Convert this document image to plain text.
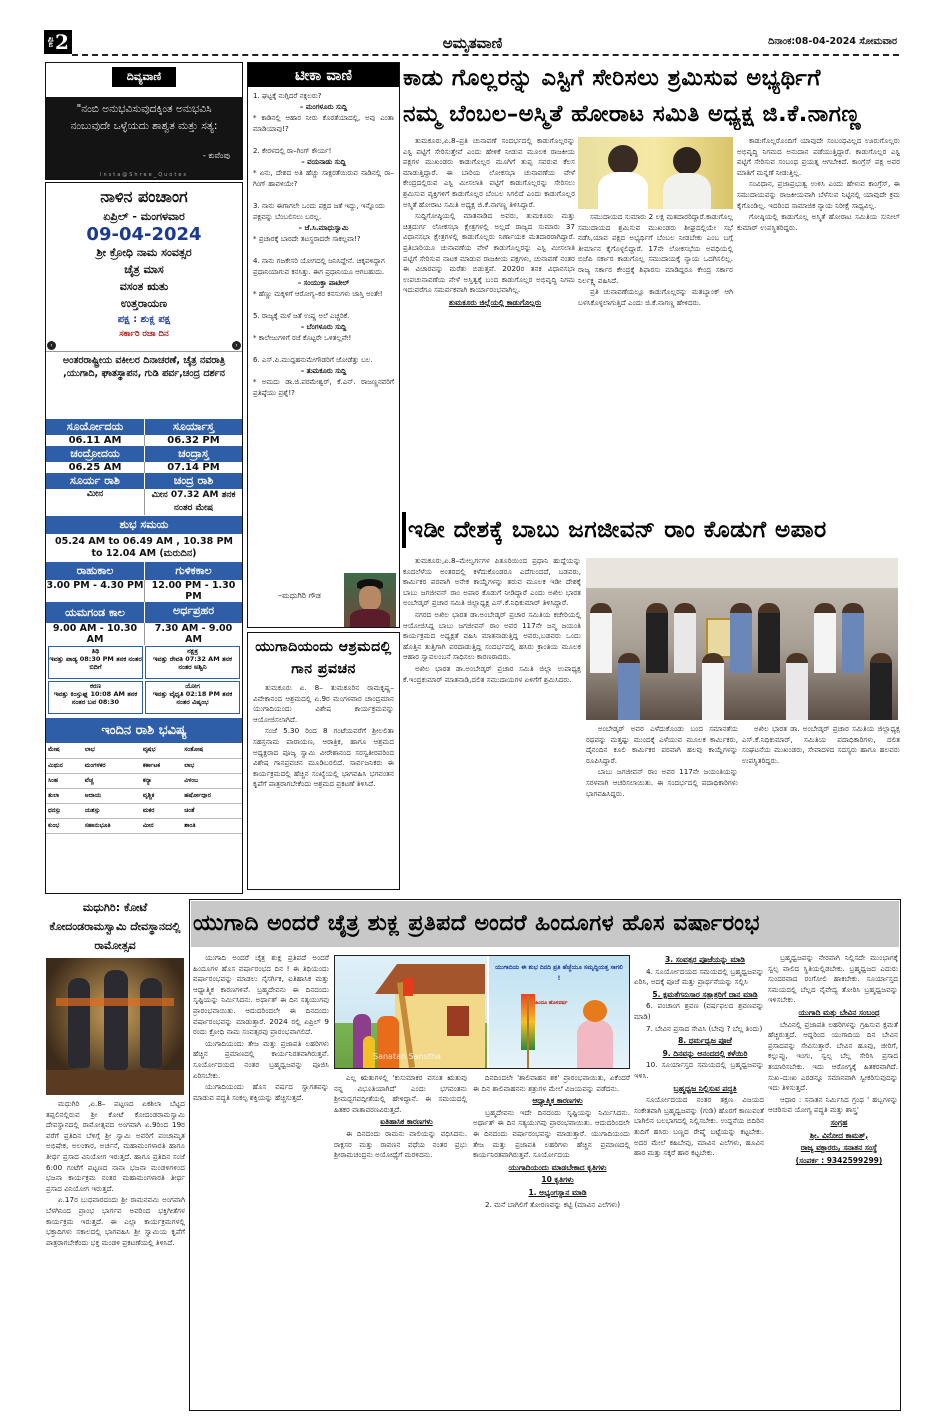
ಪುಟ 2	ಅಮೃತವಾಣಿ	ದಿನಾಂಕ:08-04-2024 ಸೋಮವಾರ
ದಿವ್ಯವಾಣಿ
"ನಂಬಿ ಅನುಭವಿಸುವುದಕ್ಕಿಂತ ಅನುಭವಿಸಿ ನಂಬುವುದೇ ಒಳ್ಳೆಯದು ಶಾಶ್ವತ ಮತ್ತು ಸತ್ಯ:
- ಕುವೆಂಪು
Insta@Shree_Quotes
ನಾಳಿನ ಪಂಚಾಂಗ
ಏಪ್ರಿಲ್ - ಮಂಗಳವಾರ
09-04-2024
ಶ್ರೀ ಕ್ರೋಧಿ ನಾಮ ಸಂವತ್ಸರ
ಚೈತ್ರ ಮಾಸ
ವಸಂತ ಋತು
ಉತ್ತರಾಯಣ
ಪಕ್ಷ : ಶುಕ್ಲ ಪಕ್ಷ
ಸರ್ಕಾರಿ ರಜಾ ದಿನ
‹	›
ಅಂತರರಾಷ್ಟ್ರೀಯ ವಕೀಲರ ದಿನಾಚರಣೆ, ಚೈತ್ರ ನವರಾತ್ರಿ ,ಯುಗಾದಿ, ಘಾತಸ್ಥಾಪನ, ಗುಡಿ ಪರ್ವ,ಚಂದ್ರ ದರ್ಶನ
ಸೂರ್ಯೋದಯ	ಸೂರ್ಯಾಸ್ತ
06.11 AM	06.32 PM
ಚಂದ್ರೋದಯ	ಚಂದ್ರಾಸ್ತ
06.25 AM	07.14 PM
ಸೂರ್ಯ ರಾಶಿ	ಚಂದ್ರ ರಾಶಿ
ಮೀನ	ಮೀನ 07.32 AM ತನಕ ನಂತರ ಮೇಷ
ಶುಭ ಸಮಯ
05.24 AM to 06.49 AM , 10.38 PM to 12.04 AM (ಮರುದಿನ)
ರಾಹುಕಾಲ	ಗುಳಿಕಕಾಲ
3.00 PM - 4.30 PM 12.00 PM - 1.30 PM
ಯಮಗಂಡ ಕಾಲ	ಅರ್ಧಪ್ರಹರ
9.00 AM - 10.30 AM
7.30 AM - 9.00 AM
ತಿಥಿ
ಇವತ್ತು ಪಾಡ್ಯ 08:30 PM ತನಕ ನಂತರ ಬಿದಿಗೆ
ನಕ್ಷತ್ರ
ಇವತ್ತು ರೇವತಿ 07:32 AM ತನಕ ನಂತರ ಅಶ್ವಿನಿ
ಕರಣ
ಇವತ್ತು ಕಿಂಸ್ತುಘ್ನ 10:08 AM ತನಕ ನಂತರ ಬವ 08:30
ಯೋಗ
ಇವತ್ತು ವೈಧೃತಿ 02:18 PM ತನಕ ನಂತರ ವಿಷ್ಕಂಭ
ಇಂದಿನ ರಾಶಿ ಭವಿಷ್ಯ
ಮೇಷ	ಲಾಭ	ವೃಷಭ	ಸಂತೋಷ
ಮಿಥುನ	ಮಂಗಳಕರ	ಕರ್ಕಾಟಕ	ಲಾಭ
ಸಿಂಹ	ವೆಚ್ಚ	ಕನ್ಯಾ	ವಿಳಂಬ
ತುಲಾ	ಆದಾಯ	ವೃಶ್ಚಿಕ	ಹರ್ಷೋದ್ಗಾರ
ಧನಸ್ಸು	ಯಶಸ್ಸು	ಮಕರ	ಚಿಂತೆ
ಕುಂಭ	ಸಹಾನುಭೂತಿ	ಮೀನ	ಶಾಂತಿ
ಟೀಕಾ ವಾಣಿ
1. ಘಟ್ಟಕ್ಕೆ ನುಗ್ಗಿದರೆ ನಕ್ಸಲರು?
– ಮಂಗಳೂರು ಸುದ್ದಿ
* ಕಾಡಿನಲ್ಲಿ ಆಹಾರ ನೀರು ಕೊರತೆಯಾದಲ್ಲಿ, ಅವು ಎಂತಾ ಮಾಡಿಯಾವು!?
2. ಕೇರಳದಲ್ಲಿ ರಾ–ಗಿಂಗ್ ಕೌರ್ಯ!
– ವಯನಾಡು ಸುದ್ದಿ
* ಏನು, ದೇಶದ ಅತಿ ಹೆಚ್ಚು ಸಾಕ್ಷರತೆಯಿರುವ ನಾಡಿನಲ್ಲಿ ರಾ–ಗಿಂಗ್ ಹಾವಳಿಯೇ?
3. ನಾನು ಈಗಾಗಲೇ ಒಂದು ಪಕ್ಷದ ಜತೆ ಇದ್ದು, ಇನ್ನೊಂದು ಪಕ್ಷವನ್ನು ಬೆಂಬಲಿಸಲು ಬರಲ್ಲ.
– ಜೆ.ಸಿ.ಮಾಧುಸ್ವಾಮಿ
* ಪ್ರಚಾರಕ್ಕೆ ಬಾರದೇ ತಟಸ್ಥರಾದರೇ ಸಾಕಲ್ಲವಾ!?
4. ನಾನು ಗಜಕೇಸರಿ ಯೋಗದಲ್ಲಿ ಜನಿಸಿದ್ದೇನೆ. ಚಿಕ್ಕವಳಿದ್ದಾಗ ಪ್ರಧಾನಿಯಾಗುವ ಕನಸಿತ್ತು. ಈಗ ಪ್ರಧಾನಿಯೂ ಆಗಬಹುದು.
– ಸಂಯುಕ್ತಾ ಪಾಟೀಲ್
* ಹೆಣ್ಣು ಮಕ್ಕಳಿಗೆ ಆರೋಗ್ಯ–ಕರ ಕನಸುಗಳು ಜಾಸ್ತಿ ಅಂತೇ!
5. ರಾಜ್ಯಕ್ಕೆ ಮಳೆ ಜತೆ ಉಷ್ಣ ಅಲೆ ಎಚ್ಚರಿಕೆ.
– ಬೆಂಗಳೂರು ಸುದ್ದಿ
* ಕಾಲೇಜುಗಳಿಗೆ ರಜೆ ಕೊಟ್ಟರೇ ಒಳಿತಲ್ಲವೇ!
6. ಎಸ್.ಪಿ.ಮುದ್ದಹನುಮೇಗೌಡರಿಗೆ ಜೋಡೆತ್ತು ಬಲ.
– ತುಮಕೂರು ಸುದ್ದಿ
* ಅಮದು ಡಾ.ಜಿ.ಪರಮೇಶ್ವರ್, ಕೆ.ಎನ್. ರಾಜಣ್ಣನವರಿಗೆ ಪ್ರತಿಷ್ಠೆಯು ಪ್ರಶ್ನೆ!?
–ಮಧುಗಿರಿ ಗೌಡ
ಯುಗಾದಿಯಂದು ಆಶ್ರಮದಲ್ಲಿ ಗಾನ ಪ್ರವಚನ

ತುಮಕೂರು ಏ. 8– ತುಮಕೂರಿನ ರಾಮಕೃಷ್ಣ– ವಿವೇಕಾನಂದ ಆಶ್ರಮದಲ್ಲಿ ಏ.9ರ ಮಂಗಳವಾರ ಚಾಂದ್ರಮಾನ ಯುಗಾದಿಯಂದು ವಿಶೇಷ ಕಾರ್ಯಕ್ರಮವನ್ನು ಆಯೋಜಿಸಲಾಗಿದೆ.

ಸಂಜೆ 5.30 ರಿಂದ 8 ಗಂಟೆಯವರೆಗೆ ಶ್ರೀಲಲಿತಾ ಸಹಸ್ರನಾಮ ಪಾರಾಯಣ, ಆರಾತ್ರಿಕ, ಹಾಗೂ ಆಶ್ರಮದ ಅಧ್ಯಕ್ಷರಾದ ಪೂಜ್ಯ ಸ್ವಾಮಿ ವೀರೇಶಾನಂದ ಸರಸ್ವತೀರವರಿಂದ ವಿಶೇಷ ಗಾನಪ್ರವಚನ ಮೂಡಿಬರಲಿದೆ. ಸಾರ್ವಜನಿಕರು ಈ ಕಾರ್ಯಕ್ರಮದಲ್ಲಿ ಹೆಚ್ಚಿನ ಸಂಖ್ಯೆಯಲ್ಲಿ ಭಾಗವಹಿಸಿ ಭಗವಂತನ ಕೃಪೆಗೆ ಪಾತ್ರರಾಗಬೇಕೆಂದು ಆಶ್ರಮದ ಪ್ರಕಟಣೆ ತಿಳಿಸಿದೆ.

ಕಾಡು ಗೊಲ್ಲರನ್ನು ಎಸ್ಟಿಗೆ ಸೇರಿಸಲು ಶ್ರಮಿಸುವ ಅಭ್ಯರ್ಥಿಗೆ
ನಮ್ಮ ಬೆಂಬಲ–ಅಸ್ಮಿತೆ ಹೋರಾಟ ಸಮಿತಿ ಅಧ್ಯಕ್ಷ ಜಿ.ಕೆ.ನಾಗಣ್ಣ

ತುಮಕೂರು,ಏ.8–ಪ್ರತಿ ಚುನಾವಣೆ ಸಂದರ್ಭದಲ್ಲಿ ಕಾಡುಗೊಲ್ಲರನ್ನು ಎಸ್ಟಿ ಪಟ್ಟಿಗೆ ಸೇರಿಸುತ್ತೇವೆ ಎಂದು ಹೇಳಿಕೆ ನೀಡುವ ಮೂಲಕ ರಾಜಕೀಯ ಪಕ್ಷಗಳ ಮುಖಂಡರು ಕಾಡುಗೊಲ್ಲರ ಮೂಗಿಗೆ ತುಪ್ಪ ಸವರುವ ಕೆಲಸ ಮಾಡುತ್ತಿದ್ದಾರೆ. ಈ ಬಾರಿಯ ಲೋಕಸಭಾ ಚುನಾವಣೆಯ ವೇಳೆ ಕೇಂದ್ರದಲ್ಲಿರುವ ಎಸ್ಟಿ ಮೀಸಲಾತಿ ಪಟ್ಟಿಗೆ ಕಾಡುಗೊಲ್ಲರನ್ನು ಸೇರಿಸಲು ಶ್ರಮಿಸುವ ವ್ಯಕ್ತಿಗಳಿಗೆ ಕಾಡುಗೊಲ್ಲರ ಬೆಂಬಲ ಸಿಗಲಿದೆ ಎಂದು ಕಾಡುಗೊಲ್ಲರ ಅಸ್ಮಿತೆ ಹೋರಾಟ ಸಮಿತಿ ಅಧ್ಯಕ್ಷ ಜಿ.ಕೆ.ನಾಗಣ್ಣ ತಿಳಿಸಿದ್ದಾರೆ.

ಸುದ್ದಿಗೋಷ್ಠಿಯಲ್ಲಿ ಮಾತನಾಡಿದ ಅವರು, ತುಮಕೂರು ಮತ್ತು ಚಿತ್ರದುರ್ಗ ಲೋಕಸಭಾ ಕ್ಷೇತ್ರಗಳಲ್ಲಿ ಅಲ್ಲದೆ ರಾಜ್ಯದ ಸುಮಾರು 37 ವಿಧಾನಸಭಾ ಕ್ಷೇತ್ರಗಳಲ್ಲಿ ಕಾಡುಗೊಲ್ಲರು ನಿರ್ಣಾಯಕ ಮತದಾರರಾಗಿದ್ದಾರೆ. ಪ್ರತಿಬಾರಿಯೂ ಚುನಾವಣೆಯ ವೇಳೆ ಕಾಡುಗೊಲ್ಲರನ್ನು ಎಸ್ಟಿ ಮೀಸಲಾತಿ ಪಟ್ಟಿಗೆ ಸೇರಿಸುವ ನಾಟಕ ಮಾಡುವ ರಾಜಕೀಯ ಪಕ್ಷಗಳು, ಚುನಾವಣೆ ನಂತರ ಈ ವಿಚಾರವನ್ನು ಮರೆತು ಬಿಡುತ್ತವೆ. 2020ರ ತನಕ ವಿಧಾನಸಭಾ ಉಪಚುನಾವಣೆಯ ವೇಳೆ ಅಸ್ತಿತ್ವಕ್ಕೆ ಬಂದ ಕಾಡುಗೊಲ್ಲರ ಅಭಿವೃದ್ಧಿ ನಿಗಮ ಇದುವರೆಗೂ ಸಮರ್ಪಕವಾಗಿ ಕಾರ್ಯಾರಂಭವಾಗಿಲ್ಲ.

ತುಮಕೂರು ಜಿಲ್ಲೆಯಲ್ಲಿ ಕಾಡುಗೊಲ್ಲರು

ಸಮುದಾಯದ ಸುಮಾರು 2 ಲಕ್ಷ ಮತದಾರರಿದ್ದಾರೆ.ಕಾಡುಗೊಲ್ಲ ಸಮುದಾಯದ ಶ್ರಮಿಸುವ ಮುಖಂಡರು ಶೀಘ್ರದಲ್ಲಿಯೇ ಸಭೆ ನಡೆಸಿ,ಯಾವ ಪಕ್ಷದ ಅಭ್ಯರ್ಥಿಗೆ ಬೆಂಬಲ ನೀಡಬೇಕು ಎಂಬ ಬಗ್ಗೆ ತೀರ್ಮಾನ ಕೈಗೊಳ್ಳಲಿದ್ದಾರೆ. 17ನೇ ಲೋಕಸಭೆಯ ಅವಧಿಯಲ್ಲಿ ಬಿಜೆಪಿ ಸರ್ಕಾರ ಕಾಡುಗೊಲ್ಲ ಸಮುದಾಯಕ್ಕೆ ನ್ಯಾಯ ಒದಗಿಸಲಿಲ್ಲ. ರಾಜ್ಯ ಸರ್ಕಾರ ಕೇಂದ್ರಕ್ಕೆ ಶಿಫಾರಸು ಮಾಡಿದ್ದರೂ ಕೇಂದ್ರ ಸರ್ಕಾರ ನಿರ್ಲಕ್ಷ್ಯ ವಹಿಸಿದೆ.

ಪ್ರತಿ ಚುನಾವಣೆಯಲ್ಲೂ ಕಾಡುಗೊಲ್ಲರನ್ನು ಮತಬ್ಯಾಂಕ್ ಆಗಿ ಬಳಸಿಕೊಳ್ಳಲಾಗುತ್ತಿದೆ ಎಂದು ಜಿ.ಕೆ.ನಾಗಣ್ಣ ಹೇಳಿದರು.

ಕಾಡುಗೊಲ್ಲರೊಂದಿಗೆ ಯಾವುದೇ ಸಂಬಂಧವಿಲ್ಲದ ಊರುಗೊಲ್ಲರು ಅಭಿವೃದ್ಧಿ ನಿಗಮದ ಅನುದಾನ ಪಡೆಯುತ್ತಿದ್ದಾರೆ. ಕಾಡುಗೊಲ್ಲರ ಎಸ್ಟಿ ಪಟ್ಟಿಗೆ ಸೇರಿಸುವ ಸಂಬಂಧ ಪ್ರಯತ್ನ ಆಗಬೇಕಿದೆ. ಕಾಂಗ್ರೆಸ್ ಪಕ್ಷ ಅವರ ಮಾತಿಗೆ ಮನ್ನಣೆ ನೀಡುತ್ತಿಲ್ಲ.

ಸಂವಿಧಾನ, ಪ್ರಜಾಪ್ರಭುತ್ವ ಉಳಿಸಿ ಎಂದು ಹೇಳುವ ಕಾಂಗ್ರೆಸ್, ಈ ಸಮುದಾಯವನ್ನು ರಾಜಕೀಯವಾಗಿ ಬೆಳೆಸುವ ನಿಟ್ಟಿನಲ್ಲಿ ಯಾವುದೇ ಕ್ರಮ ಕೈಗೊಂಡಿಲ್ಲ. ಇದರಿಂದ ಸಾಮಾಜಿಕ ನ್ಯಾಯ ನಿರೀಕ್ಷೆ ಸಾಧ್ಯವಿಲ್ಲ.

ಗೋಷ್ಠಿಯಲ್ಲಿ ಕಾಡುಗೊಲ್ಲ ಅಸ್ಮಿತೆ ಹೋರಾಟ ಸಮಿತಿಯ ಸುನೀಲ್ ಕುಮಾರ್ ಉಪಸ್ಥಿತರಿದ್ದರು.

ಇಡೀ ದೇಶಕ್ಕೆ ಬಾಬು ಜಗಜೀವನ್ ರಾಂ ಕೊಡುಗೆ ಅಪಾರ

ತುಮಕೂರು,ಏ.8–ಮೇಲ್ವರ್ಗಗಳ ಪಿತೂರಿಯಿಂದ ಪ್ರಧಾನಿ ಹುದ್ದೆಯನ್ನು ಕೂದಲೆಳೆಯ ಅಂತರದಲ್ಲಿ ಕಳೆದುಕೊಂಡರೂ ಎದೆಗುಂದದೆ, ಬಡವರು, ಕಾರ್ಮಿಕರ ಪರವಾಗಿ ಅನೇಕ ಕಾಯ್ದೆಗಳನ್ನು ತರುವ ಮೂಲಕ ಇಡೀ ದೇಶಕ್ಕೆ ಬಾಬು ಜಗಜೀವನ್ ರಾಂ ಅಪಾರ ಕೊಡುಗೆ ನೀಡಿದ್ದಾರೆ ಎಂದು ಅಖಿಲ ಭಾರತ ಅಂಬೇಡ್ಕರ್ ಪ್ರಚಾರ ಸಮಿತಿ ಜಿಲ್ಲಾಧ್ಯಕ್ಷ ಎಸ್.ಕೆ.ನಿಧಿಕುಮಾರ್ ತಿಳಿಸಿದ್ದಾರೆ.

ನಗರದ ಅಖಿಲ ಭಾರತ ಡಾ.ಅಂಬೇಡ್ಕರ್ ಪ್ರಚಾರ ಸಮಿತಿಯ ಕಚೇರಿಯಲ್ಲಿ ಆಯೋಜಿಸಿದ್ದ ಬಾಬು ಜಗಜೀವನ್ ರಾಂ ಅವರ 117ನೇ ಜನ್ಮ ಜಯಂತಿ ಕಾರ್ಯಕ್ರಮದ ಅಧ್ಯಕ್ಷತೆ ವಹಿಸಿ ಮಾತನಾಡುತ್ತಿದ್ದ ಅವರು,ಬಡವರು ಒಂದು ಹೊತ್ತಿನ ತುತ್ತಿಗಾಗಿ ಪರದಾಡುತ್ತಿದ್ದ ಸಂದರ್ಭದಲ್ಲಿ ಹಸಿರು ಕ್ರಾಂತಿಯ ಮೂಲಕ ಆಹಾರ ಸ್ವಾವಲಂಬನೆ ಸಾಧಿಸಲು ಕಾರಣರಾದರು.

ಅಖಿಲ ಭಾರತ ಡಾ.ಅಂಬೇಡ್ಕರ್ ಪ್ರಚಾರ ಸಮಿತಿ ಜಿಲ್ಲಾ ಉಪಾಧ್ಯಕ್ಷ ಕೆ.ಇಂದ್ರಕುಮಾರ್ ಮಾತನಾಡಿ,ದಲಿತ ಸಮುದಾಯಗಳ ಏಳಿಗೆಗೆ ಶ್ರಮಿಸಿದರು.

ಅಂಬೇಡ್ಕರ್ ಅವರ ಎಳೆದುಕೊಂಡು ಬಂದ ಸಮಾನತೆಯ ರಥವನ್ನು ಮತ್ತಷ್ಟು ಮುಂದಕ್ಕೆ ಎಳೆಯುವ ಮೂಲಕ ಕಾರ್ಮಿಕರು, ದೈನಂದಿನ ಕೂಲಿ ಕಾರ್ಮಿಕರ ಪರವಾಗಿ ಹಲವು ಕಾಯ್ದೆಗಳನ್ನು ರೂಪಿಸಿದ್ದಾರೆ.

ಬಾಬು ಜಗಜೀವನ್ ರಾಂ ಅವರ 117ನೇ ಜಯಂತಿಯನ್ನು ಸರಳವಾಗಿ ಆಚರಿಸಲಾಯಿತು. ಈ ಸಂದರ್ಭದಲ್ಲಿ ಪದಾಧಿಕಾರಿಗಳು ಭಾಗವಹಿಸಿದ್ದರು.

ಅಖಿಲ ಭಾರತ ಡಾ. ಅಂಬೇಡ್ಕರ್ ಪ್ರಚಾರ ಸಮಿತಿಯ ಜಿಲ್ಲಾಧ್ಯಕ್ಷ ಎಸ್.ಕೆ.ನಿಧಿಕುಮಾರ್, ಸಮಿತಿಯ ಪದಾಧಿಕಾರಿಗಳು, ದಲಿತ ಸಂಘಟನೆಯ ಮುಖಂಡರು, ಸೇವಾದಳದ ಸದಸ್ಯರು ಹಾಗೂ ಹಲವರು ಉಪಸ್ಥಿತರಿದ್ದರು.

ಮಧುಗಿರಿ: ಕೋಟೆ ಕೋದಂಡರಾಮಸ್ವಾಮಿ ದೇವಸ್ಥಾನದಲ್ಲಿ ರಾಮೋತ್ಸವ

ಮಧುಗಿರಿ ,ಏ.8– ಪಟ್ಟಣದ ಏಕಶಿಲಾ ಬೆಟ್ಟದ ತಪ್ಪಲಿನಲ್ಲಿರುವ ಶ್ರೀ ಕೋಟೆ ಕೋದಂಡರಾಮಸ್ವಾಮಿ ದೇವಸ್ಥಾನದಲ್ಲಿ ರಾಮೋತ್ಸವದ ಅಂಗವಾಗಿ ಏ.9ರಿಂದ 19ರ ವರೆಗೆ ಪ್ರತಿದಿನ ಬೆಳಿಗ್ಗೆ ಶ್ರೀ ಸ್ವಾಮಿ ಅವರಿಗೆ ಪಂಚಾಮೃತ ಅಭಿಷೇಕ, ಅಲಂಕಾರ, ಅರ್ಚನೆ, ಮಹಾಮಂಗಳಾರತಿ ಹಾಗೂ ತೀರ್ಥ ಪ್ರಸಾದ ವಿನಿಯೋಗ ಇರುತ್ತದೆ. ಹಾಗೂ ಪ್ರತಿದಿನ ಸಂಜೆ 6:00 ಗಂಟೆಗೆ ಪಟ್ಟಣದ ನಾನಾ ಭಜನಾ ಮಂಡಳಿಗಳಿಂದ ಭಜನಾ ಕಾರ್ಯಕ್ರಮ ನಂತರ ಮಹಾಮಂಗಳಾರತಿ ತೀರ್ಥ ಪ್ರಸಾದ ವಿನಿಯೋಗ ಇರುತ್ತದೆ.

ಏ.17ರ ಬುಧವಾರದಂದು ಶ್ರೀ ರಾಮನವಮಿ ಅಂಗವಾಗಿ ಬೆಳಗಿನಿಂದ ಪ್ರಾಂಭ ಭಾರ್ಗವ ಅವರಿಂದ ಭಕ್ತಿಗೀತೆಗಳ ಕಾರ್ಯಕ್ರಮ ಇರುತ್ತದೆ. ಈ ಎಲ್ಲಾ ಕಾರ್ಯಕ್ರಮಗಳಲ್ಲಿ ಭಕ್ತಾದಿಗಳು ಸಕಾಲದಲ್ಲಿ ಭಾಗವಹಿಸಿ ಶ್ರೀ ಸ್ವಾಮಿಯ ಕೃಪೆಗೆ ಪಾತ್ರರಾಗಬೇಕೆಂದು ಭಕ್ತ ಮಂಡಳಿ ಪ್ರಕಟಣೆಯಲ್ಲಿ ತಿಳಿಸಿದೆ.

ಯುಗಾದಿ ಅಂದರೆ ಚೈತ್ರ ಶುಕ್ಲ ಪ್ರತಿಪದೆ ಅಂದರೆ ಹಿಂದೂಗಳ ಹೊಸ ವರ್ಷಾರಂಭ

ಯುಗಾದಿ ಅಂದರೆ ಚೈತ್ರ ಶುಕ್ಲ ಪ್ರತಿಪದೆ ಅಂದರೆ ಹಿಂದೂಗಳ ಹೊಸ ವರ್ಷಾರಂಭದ ದಿನ ! ಈ ತಿಥಿಯಂದು ವರ್ಷಾರಂಭವನ್ನು ಮಾಡಲು ನೈಸರ್ಗಿಕ, ಐತಿಹಾಸಿಕ ಮತ್ತು ಆಧ್ಯಾತ್ಮಿಕ ಕಾರಣಗಳಿವೆ. ಬ್ರಹ್ಮದೇವನು ಈ ದಿನದಂದು ಸೃಷ್ಟಿಯನ್ನು ನಿರ್ಮಿಸಿದನು. ಅರ್ಥಾತ್ ಈ ದಿನ ಸತ್ಯಯುಗವು ಪ್ರಾರಂಭವಾಯಿತು. ಆದುದರಿಂದಲೇ ಈ ದಿನದಂದು ವರ್ಷಾರಂಭವನ್ನು ಮಾಡುತ್ತಾರೆ. 2024 ರಲ್ಲಿ ಏಪ್ರಿಲ್ 9 ರಂದು ಕ್ರೋಧಿ ನಾಮ ಸಂವತ್ಸರವು ಪ್ರಾರಂಭವಾಗಲಿದೆ.

ಯುಗಾದಿಯಂದು ತೇಜ ಮತ್ತು ಪ್ರಜಾಪತಿ ಲಹರಿಗಳು ಹೆಚ್ಚಿನ ಪ್ರಮಾಣದಲ್ಲಿ ಕಾರ್ಯನಿರತವಾಗಿರುತ್ತವೆ. ಸೂರ್ಯೋದಯದ ನಂತರ ಬ್ರಹ್ಮಧ್ವಜವನ್ನು ಪೂಜಿಸಿ ಏರಿಸಬೇಕು.

ಯುಗಾದಿಯಂದು ಹೊಸ ವರ್ಷದ ಸ್ವಾಗತವನ್ನು ಮಾಡುವ ಪದ್ಧತಿ ಸಂಕಲ್ಪ ಶಕ್ತಿಯನ್ನು ಹೆಚ್ಚಿಸುತ್ತದೆ.

Sanatan Sanstha
ಯುಗಾದಿಯ ಈ ಶುಭ ದಿನದಿ ಪ್ರತಿ ಹೆಜ್ಜೆಯೂ ಸಮೃದ್ಧಿಯತ್ತ ಸಾಗಲಿ !
ಹಿಂದೂ ಹೊಸವರ್ಷ

ಎಲ್ಲ ಋತುಗಳಲ್ಲಿ 'ಕುಸುಮಾಕರ ವಸಂತ ಋತುವು ನನ್ನ ವಿಭೂತಿಯಾಗಿದೆ' ಎಂದು ಭಗವಂತನು ಶ್ರೀಮದ್ಭಗವದ್ಗೀತೆಯಲ್ಲಿ ಹೇಳಿದ್ದಾನೆ. ಈ ಸಮಯದಲ್ಲಿ ಹಿತಕರ ವಾತಾವರಣವಿರುತ್ತದೆ.

ಐತಿಹಾಸಿಕ ಕಾರಣಗಳು

ಈ ದಿನದಂದು ರಾಮನು ವಾಲಿಯನ್ನು ವಧಿಸಿದನು. ರಾಕ್ಷಸರ ಮತ್ತು ರಾವಣನ ವಧೆಯ ನಂತರ ಪ್ರಭು ಶ್ರೀರಾಮಚಂದ್ರನು ಅಯೋಧ್ಯೆಗೆ ಮರಳಿದನು.

ದಿನದಿಂದಲೇ 'ಶಾಲಿವಾಹನ ಶಕ' ಪ್ರಾರಂಭವಾಯಿತು, ಏಕೆಂದರೆ ಈ ದಿನ ಶಾಲಿವಾಹನನು ಶತ್ರುಗಳ ಮೇಲೆ ವಿಜಯವನ್ನು ಪಡೆದನು.

ಆಧ್ಯಾತ್ಮಿಕ ಕಾರಣಗಳು

ಬ್ರಹ್ಮದೇವನು ಇದೇ ದಿನದಂದು ಸೃಷ್ಟಿಯನ್ನು ನಿರ್ಮಿಸಿದನು. ಅರ್ಥಾತ್ ಈ ದಿನ ಸತ್ಯಯುಗವು ಪ್ರಾರಂಭವಾಯಿತು. ಆದುದರಿಂದಲೇ ಈ ದಿನದಂದು ವರ್ಷಾರಂಭವನ್ನು ಮಾಡುತ್ತಾರೆ. ಯುಗಾದಿಯಂದು ತೇಜ ಮತ್ತು ಪ್ರಜಾಪತಿ ಲಹರಿಗಳು ಹೆಚ್ಚಿನ ಪ್ರಮಾಣದಲ್ಲಿ ಕಾರ್ಯನಿರತವಾಗಿರುತ್ತವೆ. ಸೂರ್ಯೋದಯ

ಯುಗಾದಿಯಂದು ಮಾಡಬೇಕಾದ ಕೃತಿಗಳು

10 ಕೃತಿಗಳು

1. ಅಭ್ಯಂಗಸ್ನಾನ ಮಾಡಿ

2. ಮನೆ ಬಾಗಿಲಿಗೆ ತೋರಣವನ್ನು ಕಟ್ಟಿ (ಮಾವಿನ ಎಲೆಗಳು)

3. ಸಂವತ್ಸರ ಪೂಜೆಯನ್ನು ಮಾಡಿ

4. ಸೂರ್ಯೋದಯದ ಸಮಯದಲ್ಲಿ ಬ್ರಹ್ಮಧ್ವಜವನ್ನು ಏರಿಸಿ, ಅದಕ್ಕೆ ಪೂಜೆ ಮತ್ತು ಪ್ರಾರ್ಥನೆಯನ್ನು ಸಲ್ಲಿಸಿ

5. ಕ್ಷಮತೆಗನುಸಾರ ಸತ್ಪಾತ್ರರಿಗೆ ದಾನ ಮಾಡಿ

6. ಪಂಚಾಂಗ ಶ್ರವಣ (ವರ್ಷಫಲದ ಶ್ರವಣವನ್ನು ಮಾಡಿ)

7. ಬೇವಿನ ಪ್ರಸಾದ ಸೇವಿಸಿ (ಬೇವು ? ಬೆಲ್ಲ ತಿಂದು)

8. ಧರ್ಮಧ್ವಜ ಪೂಜೆ

9. ದಿನವನ್ನು ಆನಂದದಲ್ಲಿ ಕಳೆಯಿರಿ

10. ಸೂರ್ಯಾಸ್ತದ ಸಮಯದಲ್ಲಿ ಬ್ರಹ್ಮಧ್ವಜವನ್ನು ಇಳಿಸಿ.

ಬ್ರಹ್ಮಧ್ವಜ ನಿಲ್ಲಿಸುವ ಪದ್ಧತಿ

ಸೂರ್ಯೋದಯದ ನಂತರ ತಕ್ಷಣ ವಿಜಯದ ಸಂಕೇತವಾಗಿ ಬ್ರಹ್ಮಧ್ವಜವನ್ನು (ಗುಡಿ) ಹೊರಗೆ ಕಾಣುವಂತೆ ಬಾಗಿಲಿನ ಬಲಭಾಗದಲ್ಲಿ ನಿಲ್ಲಿಸಬೇಕು. ಉದ್ದನೆಯ ಬಿದಿರಿನ ತುದಿಗೆ ಹಸಿರು ಬಣ್ಣದ ರೇಷ್ಮೆ ಬಟ್ಟೆಯನ್ನು ಕಟ್ಟಬೇಕು. ಅದರ ಮೇಲೆ ಕಹಿಬೇವು, ಮಾವಿನ ಎಲೆಗಳು, ಹೂವಿನ ಹಾರ ಮತ್ತು ಸಕ್ಕರೆ ಹಾರ ಕಟ್ಟಬೇಕು.

ಬ್ರಹ್ಮಧ್ವಜವನ್ನು ನೇರವಾಗಿ ನಿಲ್ಲಿಸದೇ ಮುಂಭಾಗಕ್ಕೆ ಸ್ವಲ್ಪ ವಾಲಿದ ಸ್ಥಿತಿಯಲ್ಲಿಡಬೇಕು. ಬ್ರಹ್ಮಧ್ವಜದ ಎದುರು ಸುಂದರವಾದ ರಂಗೋಲಿ ಹಾಕಬೇಕು. ಸೂರ್ಯಾಸ್ತದ ಸಮಯದಲ್ಲಿ ಬೆಲ್ಲದ ನೈವೇದ್ಯ ತೋರಿಸಿ ಬ್ರಹ್ಮಧ್ವಜವನ್ನು ಇಳಿಸಬೇಕು.

ಯುಗಾದಿ ಮತ್ತು ಬೇವಿನ ಸಂಬಂಧ

ಬೇವಿನಲ್ಲಿ ಪ್ರಜಾಪತಿ ಲಹರಿಗಳನ್ನು ಗ್ರಹಿಸುವ ಕ್ಷಮತೆ ಹೆಚ್ಚಿರುತ್ತದೆ. ಆದ್ದರಿಂದ ಯುಗಾದಿಯ ದಿನ ಬೇವಿನ ಪ್ರಸಾದವನ್ನು ಸೇವಿಸುತ್ತಾರೆ. ಬೇವಿನ ಹೂವು, ಜೀರಿಗೆ, ಕಲ್ಲುಪ್ಪು, ಇಂಗು, ಸ್ವಲ್ಪ ಬೆಲ್ಲ ಸೇರಿಸಿ ಪ್ರಸಾದ ತಯಾರಿಸಬೇಕು. ಇದು ಆರೋಗ್ಯಕ್ಕೆ ಹಿತಕರವಾಗಿದೆ. ಸುಖ–ದುಃಖ ಎರಡನ್ನೂ ಸಮಾನವಾಗಿ ಸ್ವೀಕರಿಸುವುದನ್ನು ಇದು ತಿಳಿಸುತ್ತದೆ.

ಆಧಾರ : ಸನಾತನ ನಿರ್ಮಿಸಿದ ಗ್ರಂಥ ' ಹಬ್ಬಗಳನ್ನು ಆಚರಿಸುವ ಯೋಗ್ಯ ಪದ್ಧತಿ ಮತ್ತು ಶಾಸ್ತ್ರ'

ಸಂಗ್ರಹ

ಶ್ರೀ. ವಿನೋದ ಕಾಮತ್,

ರಾಜ್ಯ ವಕ್ತಾರರು, ಸನಾತನ ಸಂಸ್ಥೆ

(ಸಂಪರ್ಕ : 9342599299)
